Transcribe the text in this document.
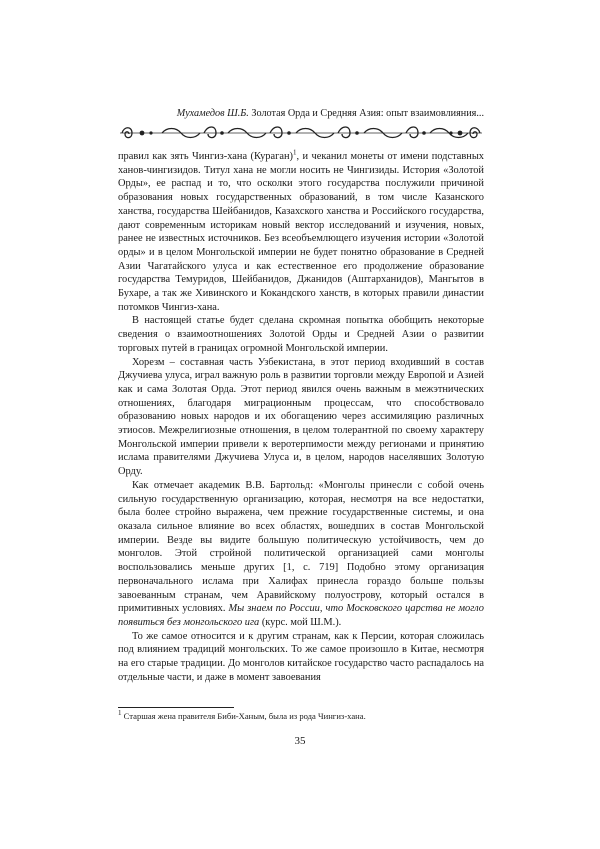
Мухамедов Ш.Б. Золотая Орда и Средняя Азия: опыт взаимовлияния...

правил как зять Чингиз-хана (Кураган)$^1$, и чеканил монеты от имени подставных ханов-чингизидов. Титул хана не могли носить не Чингизиды. История «Золотой Орды», ее распад и то, что осколки этого государства послужили причиной образования новых государственных образований, в том числе Казанского ханства, государства Шейбанидов, Казахского ханства и Российского государства, дают современным историкам новый вектор исследований и изучения, новых, ранее не известных источников. Без всеобъемлющего изучения истории «Золотой орды» и в целом Монгольской империи не будет понятно образование в Средней Азии Чагатайского улуса и как естественное его продолжение образование государства Темуридов, Шейбанидов, Джанидов (Аштарханидов), Мангытов в Бухаре, а так же Хивинского и Кокандского ханств, в которых правили династии потомков Чингиз-хана.

В настоящей статье будет сделана скромная попытка обобщить некоторые сведения о взаимоотношениях Золотой Орды и Средней Азии о развитии торговых путей в границах огромной Монгольской империи.

Хорезм – составная часть Узбекистана, в этот период входивший в состав Джучиева улуса, играл важную роль в развитии торговли между Европой и Азией как и сама Золотая Орда. Этот период явился очень важным в межэтнических отношениях, благодаря миграционным процессам, что способствовало образованию новых народов и их обогащению через ассимиляцию различных этиосов. Межрелигиозные отношения, в целом толерантной по своему характеру Монгольской империи привели к веротерпимости между регионами и принятию ислама правителями Джучиева Улуса и, в целом, народов населявших Золотую Орду.

Как отмечает академик В.В. Бартольд: «Монголы принесли с собой очень сильную государственную организацию, которая, несмотря на все недостатки, была более стройно выражена, чем прежние государственные системы, и она оказала сильное влияние во всех областях, вошедших в состав Монгольской империи. Везде вы видите большую политическую устойчивость, чем до монголов. Этой стройной политической организацией сами монголы воспользовались меньше других [1, с. 719] Подобно этому организация первоначального ислама при Халифах принесла гораздо больше пользы завоеванным странам, чем Аравийскому полуострову, который остался в примитивных условиях. Мы знаем по России, что Московского царства не могло появиться без монгольского ига (курс. мой Ш.М.).

То же самое относится и к другим странам, как к Персии, которая сложилась под влиянием традиций монгольских. То же самое произошло в Китае, несмотря на его старые традиции. До монголов китайское государство часто распадалось на отдельные части, и даже в момент завоевания

$^1$ Старшая жена правителя Биби-Ханым, была из рода Чингиз-хана.
35
